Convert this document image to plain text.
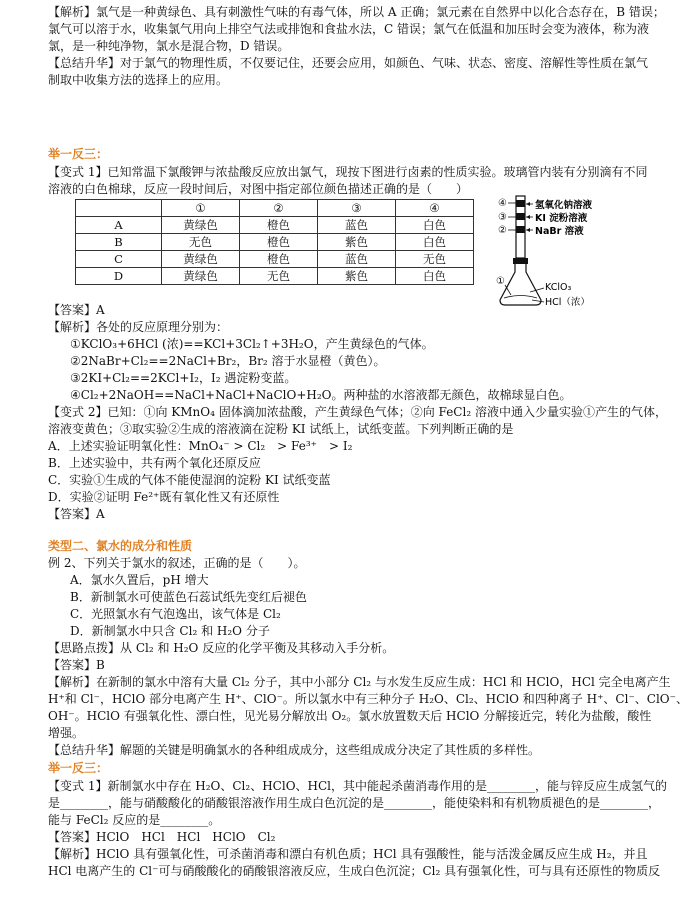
【解析】氯气是一种黄绿色、具有刺激性气味的有毒气体，所以 A 正确；氯元素在自然界中以化合态存在，B 错误；
氯气可以溶于水，收集氯气用向上排空气法或排饱和食盐水法，C 错误；氯气在低温和加压时会变为液体，称为液
氯，是一种纯净物，氯水是混合物，D 错误。
【总结升华】对于氯气的物理性质，不仅要记住，还要会应用，如颜色、气味、状态、密度、溶解性等性质在氯气
制取中收集方法的选择上的应用。
举一反三：
【变式 1】已知常温下氯酸钾与浓盐酸反应放出氯气，现按下图进行卤素的性质实验。玻璃管内装有分别滴有不同
溶液的白色棉球，反应一段时间后，对图中指定部位颜色描述正确的是（　　）
	①	②	③	④
A	黄绿色	橙色	蓝色	白色
B	无色	橙色	紫色	白色
C	黄绿色	橙色	蓝色	无色
D	黄绿色	无色	紫色	白色
④
③
②
①
氢氧化钠溶液
KI 淀粉溶液
NaBr 溶液
KClO₃
HCl（浓）
【答案】A
【解析】各处的反应原理分别为：
①KClO₃+6HCl (浓)==KCl+3Cl₂↑+3H₂O，产生黄绿色的气体。
②2NaBr+Cl₂==2NaCl+Br₂，Br₂ 溶于水显橙（黄色）。
③2KI+Cl₂==2KCl+I₂，I₂ 遇淀粉变蓝。
④Cl₂+2NaOH==NaCl+NaCl+NaClO+H₂O。两种盐的水溶液都无颜色，故棉球显白色。
【变式 2】已知：①向 KMnO₄ 固体滴加浓盐酸，产生黄绿色气体；②向 FeCl₂ 溶液中通入少量实验①产生的气体，
溶液变黄色；③取实验②生成的溶液滴在淀粉 KI 试纸上，试纸变蓝。下列判断正确的是
A．上述实验证明氧化性：MnO₄⁻ > Cl₂　> Fe³⁺　> I₂
B．上述实验中，共有两个氧化还原反应
C．实验①生成的气体不能使湿润的淀粉 KI 试纸变蓝
D．实验②证明 Fe²⁺既有氧化性又有还原性
【答案】A
类型二、氯水的成分和性质
例 2、下列关于氯水的叙述，正确的是（　　）。
A．氯水久置后，pH 增大
B．新制氯水可使蓝色石蕊试纸先变红后褪色
C．光照氯水有气泡逸出，该气体是 Cl₂
D．新制氯水中只含 Cl₂ 和 H₂O 分子
【思路点拨】从 Cl₂ 和 H₂O 反应的化学平衡及其移动入手分析。
【答案】B
【解析】在新制的氯水中溶有大量 Cl₂ 分子，其中小部分 Cl₂ 与水发生反应生成：HCl 和 HClO，HCl 完全电离产生
H⁺和 Cl⁻，HClO 部分电离产生 H⁺、ClO⁻。所以氯水中有三种分子 H₂O、Cl₂、HClO 和四种离子 H⁺、Cl⁻、ClO⁻、
OH⁻。HClO 有强氧化性、漂白性，见光易分解放出 O₂。氯水放置数天后 HClO 分解接近完，转化为盐酸，酸性
增强。
【总结升华】解题的关键是明确氯水的各种组成成分，这些组成成分决定了其性质的多样性。
举一反三：
【变式 1】新制氯水中存在 H₂O、Cl₂、HClO、HCl，其中能起杀菌消毒作用的是________，能与锌反应生成氢气的
是________，能与硝酸酸化的硝酸银溶液作用生成白色沉淀的是________，能使染料和有机物质褪色的是________，
能与 FeCl₂ 反应的是________。
【答案】HClO　HCl　HCl　HClO　Cl₂
【解析】HClO 具有强氧化性，可杀菌消毒和漂白有机色质；HCl 具有强酸性，能与活泼金属反应生成 H₂，并且
HCl 电离产生的 Cl⁻可与硝酸酸化的硝酸银溶液反应，生成白色沉淀；Cl₂ 具有强氧化性，可与具有还原性的物质反
